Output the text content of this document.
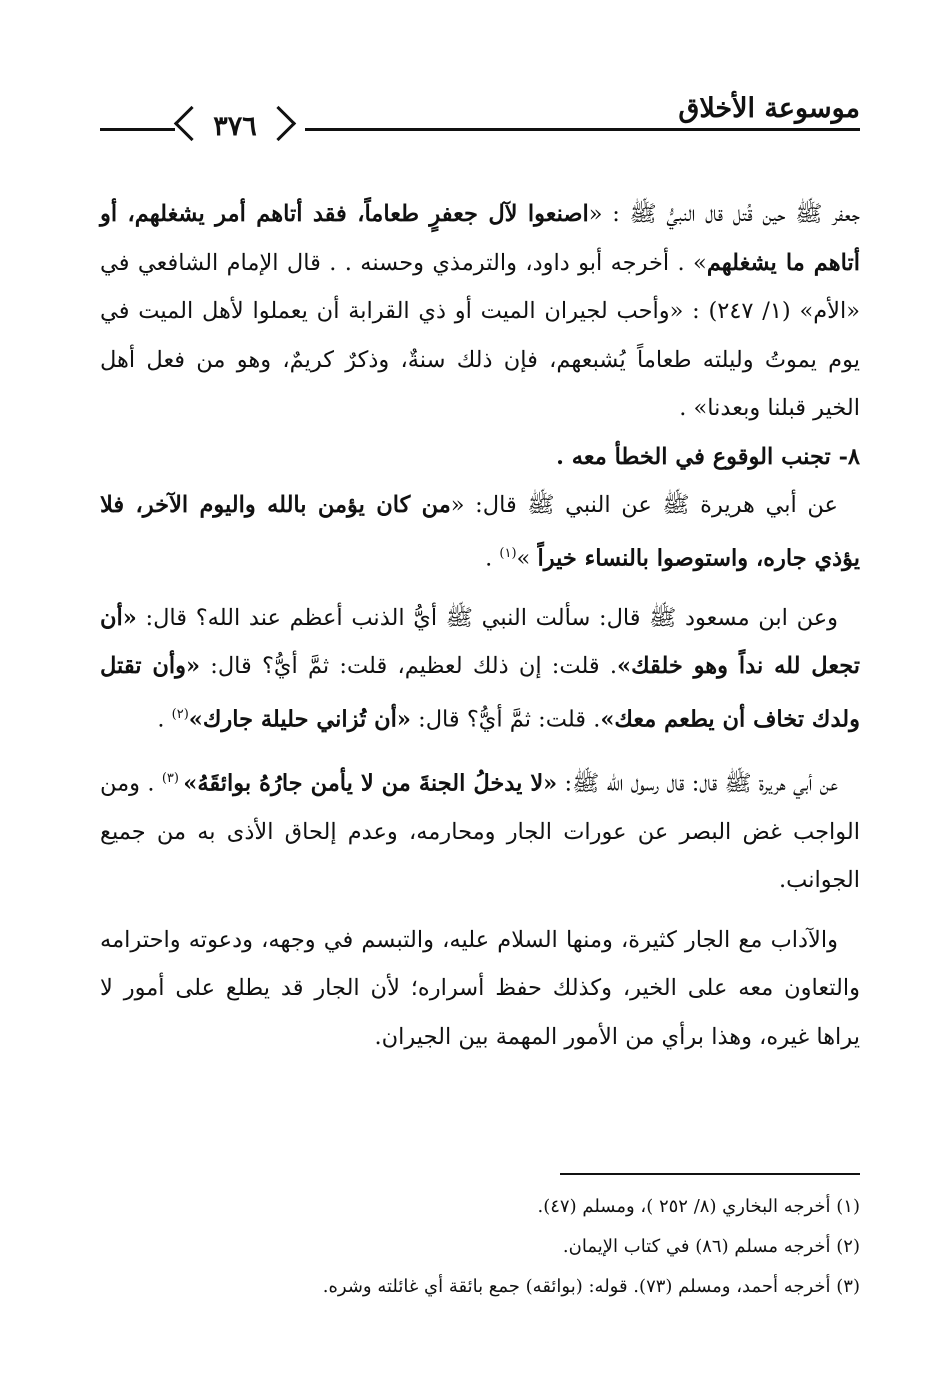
موسوعة الأخلاق
٣٧٦

جعفر ﷺ حين قُتل قال النبيُّ ﷺ : «اصنعوا لآل جعفرٍ طعاماً، فقد أتاهم أمر يشغلهم، أو أتاهم ما يشغلهم» . أخرجه أبو داود، والترمذي وحسنه . . قال الإمام الشافعي في «الأم» (١/ ٢٤٧) : «وأحب لجيران الميت أو ذي القرابة أن يعملوا لأهل الميت في يوم يموتُ وليلته طعاماً يُشبعهم، فإن ذلك سنةٌ، وذكرٌ كريمٌ، وهو من فعل أهل الخير قبلنا وبعدنا» .

٨- تجنب الوقوع في الخطأ معه .

عن أبي هريرة ﷺ عن النبي ﷺ قال: «من كان يؤمن بالله واليوم الآخر، فلا يؤذي جاره، واستوصوا بالنساء خيراً »$^{(١)}$ .

وعن ابن مسعود ﷺ قال: سألت النبي ﷺ أيُّ الذنب أعظم عند الله؟ قال: «أن تجعل لله نداً وهو خلقك». قلت: إن ذلك لعظيم، قلت: ثمَّ أيُّ؟ قال: «وأن تقتل ولدك تخاف أن يطعم معك». قلت: ثمَّ أيُّ؟ قال: «أن تُزاني حليلة جارك»$^{(٢)}$ .

عن أبي هريرة ﷺ قال: قال رسول الله ﷺ: «لا يدخلُ الجنةَ من لا يأمن جارُهُ بوائقَهُ» $^{(٣)}$ . ومن الواجب غض البصر عن عورات الجار ومحارمه، وعدم إلحاق الأذى به من جميع الجوانب.

والآداب مع الجار كثيرة، ومنها السلام عليه، والتبسم في وجهه، ودعوته واحترامه والتعاون معه على الخير، وكذلك حفظ أسراره؛ لأن الجار قد يطلع على أمور لا يراها غيره، وهذا برأي من الأمور المهمة بين الجيران.

(١) أخرجه البخاري (٨/ ٢٥٢ )، ومسلم (٤٧).

(٢) أخرجه مسلم (٨٦) في كتاب الإيمان.

(٣) أخرجه أحمد، ومسلم (٧٣). قوله: (بوائقه) جمع بائقة أي غائلته وشره.
